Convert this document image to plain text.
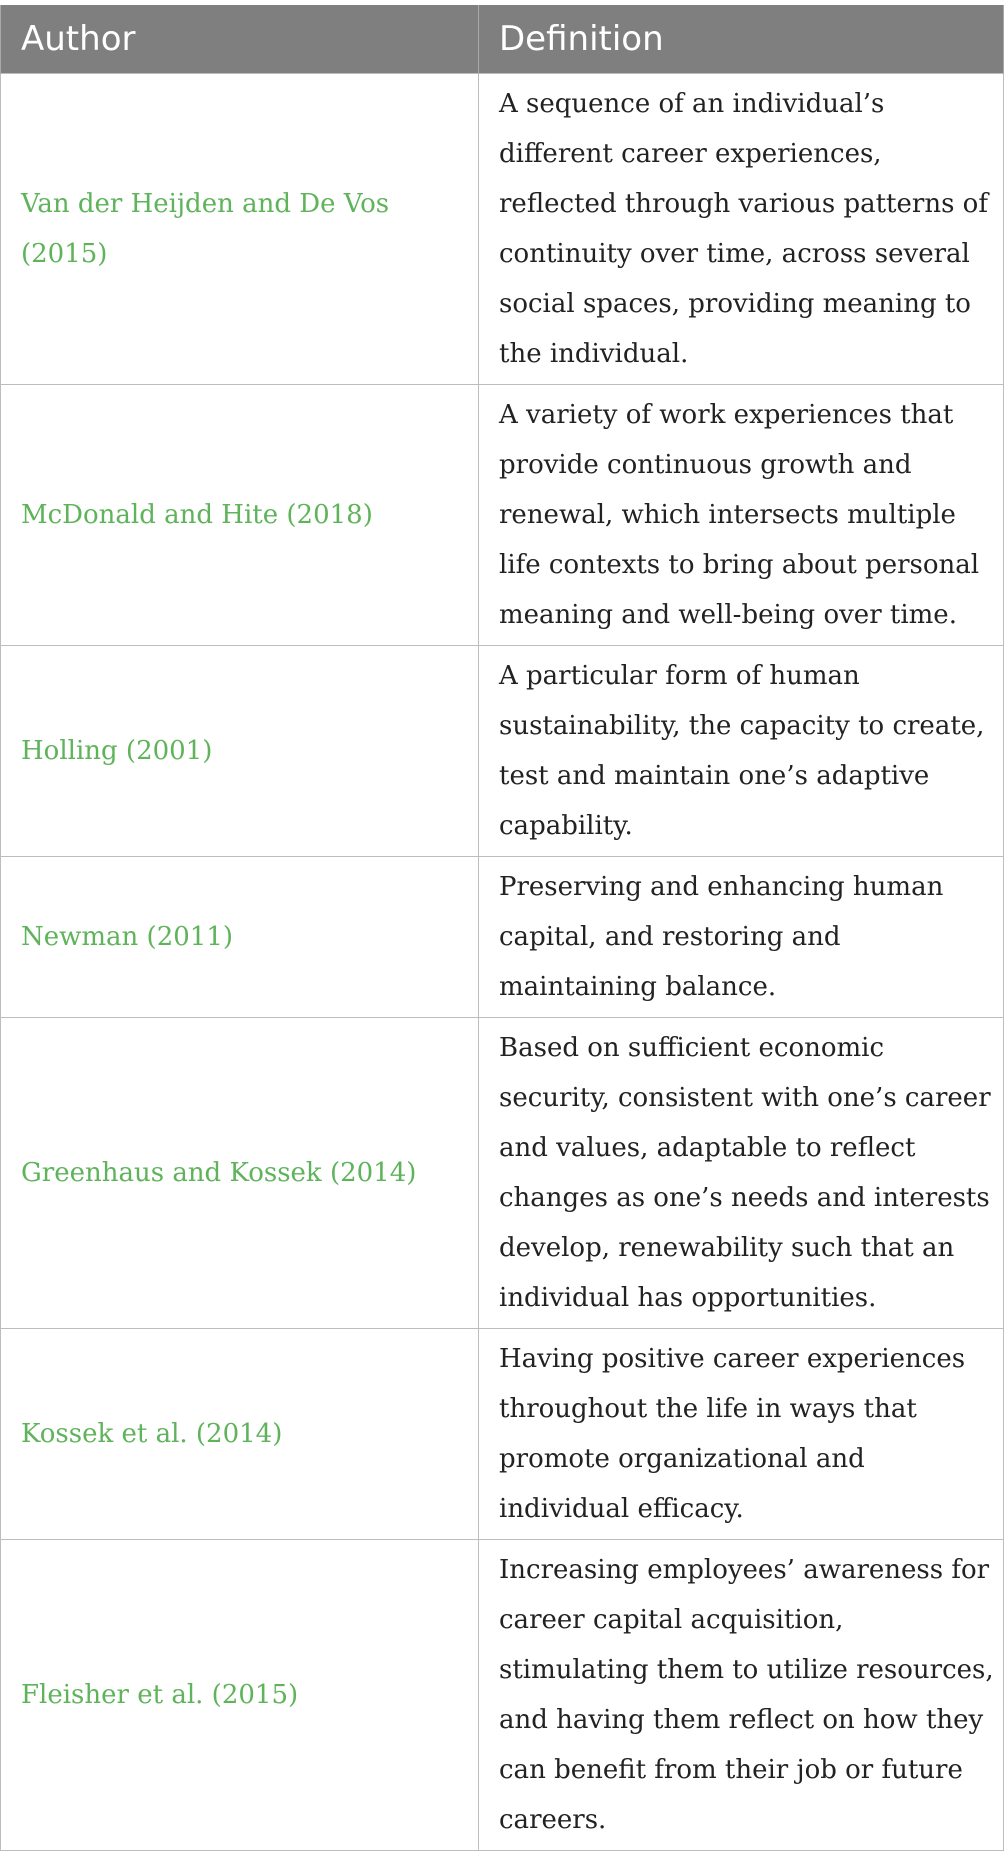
Author	Definition
Van der Heijden and De Vos (2015)	A sequence of an individual’s different career experiences, reflected through various patterns of continuity over time, across several social spaces, providing meaning to the individual.
McDonald and Hite (2018)	A variety of work experiences that provide continuous growth and renewal, which intersects multiple life contexts to bring about personal meaning and well-being over time.
Holling (2001)	A particular form of human sustainability, the capacity to create, test and maintain one’s adaptive capability.
Newman (2011)	Preserving and enhancing human capital, and restoring and maintaining balance.
Greenhaus and Kossek (2014)	Based on sufficient economic security, consistent with one’s career and values, adaptable to reflect changes as one’s needs and interests develop, renewability such that an individual has opportunities.
Kossek et al. (2014)	Having positive career experiences throughout the life in ways that promote organizational and individual efficacy.
Fleisher et al. (2015)	Increasing employees’ awareness for career capital acquisition, stimulating them to utilize resources, and having them reflect on how they can benefit from their job or future careers.
